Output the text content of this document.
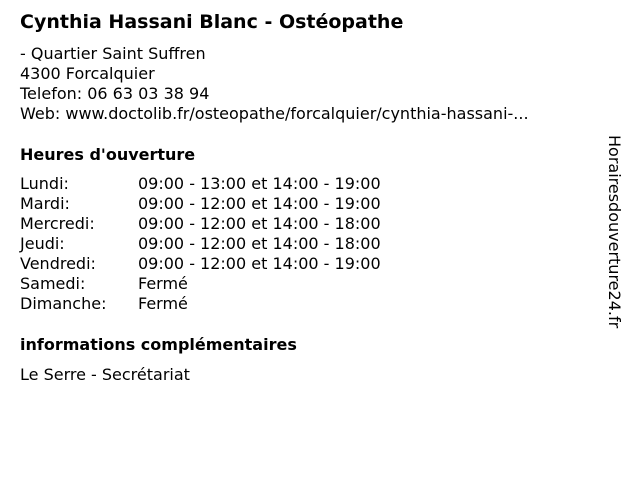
Cynthia Hassani Blanc - Ostéopathe
- Quartier Saint Suffren
4300 Forcalquier
Telefon: 06 63 03 38 94
Web: www.doctolib.fr/osteopathe/forcalquier/cynthia-hassani-...
Heures d'ouverture
Lundi:	09:00 - 13:00 et 14:00 - 19:00
Mardi:	09:00 - 12:00 et 14:00 - 19:00
Mercredi:	09:00 - 12:00 et 14:00 - 18:00
Jeudi:	09:00 - 12:00 et 14:00 - 18:00
Vendredi:	09:00 - 12:00 et 14:00 - 19:00
Samedi:	Fermé
Dimanche: Fermé
informations complémentaires
Le Serre - Secrétariat
Horairesdouverture24.fr
